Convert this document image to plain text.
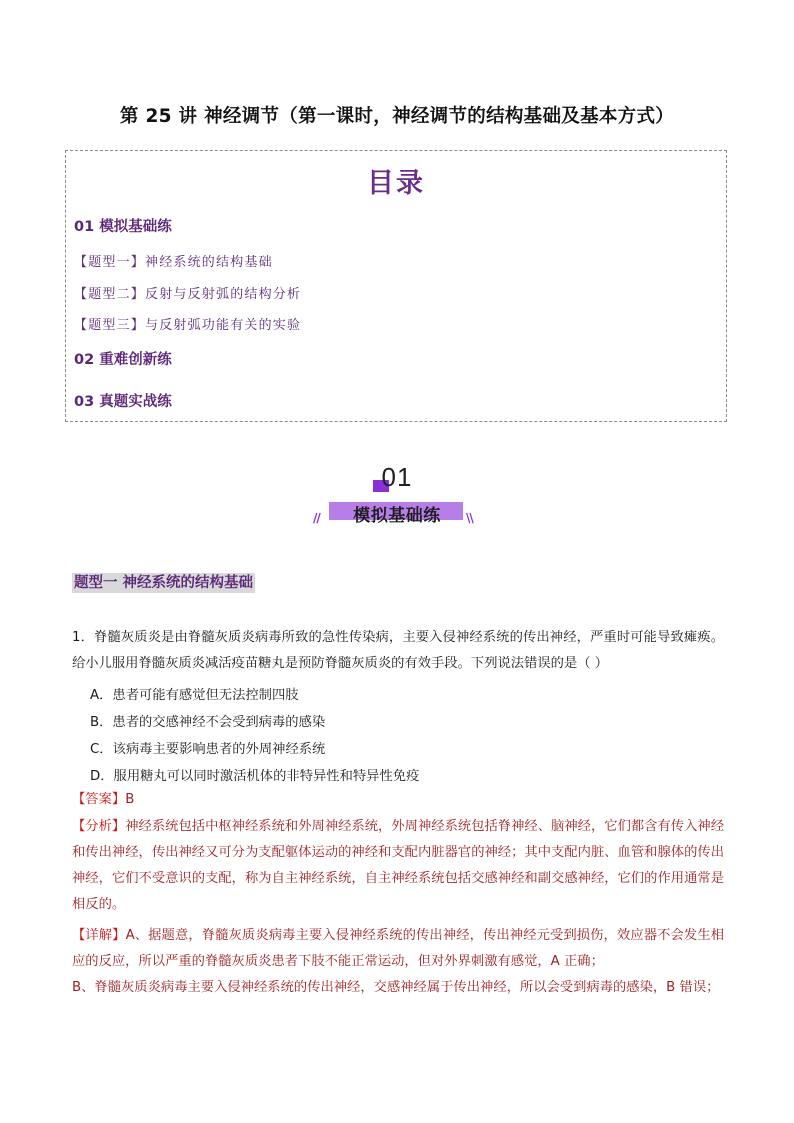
第 25 讲 神经调节（第一课时，神经调节的结构基础及基本方式）
目录
01 模拟基础练
【题型一】神经系统的结构基础
【题型二】反射与反射弧的结构分析
【题型三】与反射弧功能有关的实验
02 重难创新练
03 真题实战练
01
模拟基础练
//	\\
题型一 神经系统的结构基础
1．脊髓灰质炎是由脊髓灰质炎病毒所致的急性传染病，主要入侵神经系统的传出神经，严重时可能导致瘫痪。给小儿服用脊髓灰质炎减活疫苗糖丸是预防脊髓灰质炎的有效手段。下列说法错误的是（ ）
A．患者可能有感觉但无法控制四肢
B．患者的交感神经不会受到病毒的感染
C．该病毒主要影响患者的外周神经系统
D．服用糖丸可以同时激活机体的非特异性和特异性免疫
【答案】B
【分析】神经系统包括中枢神经系统和外周神经系统，外周神经系统包括脊神经、脑神经，它们都含有传入神经和传出神经，传出神经又可分为支配躯体运动的神经和支配内脏器官的神经；其中支配内脏、血管和腺体的传出神经，它们不受意识的支配，称为自主神经系统，自主神经系统包括交感神经和副交感神经，它们的作用通常是相反的。
【详解】A、据题意，脊髓灰质炎病毒主要入侵神经系统的传出神经，传出神经元受到损伤，效应器不会发生相应的反应，所以严重的脊髓灰质炎患者下肢不能正常运动，但对外界刺激有感觉，A 正确；
B、脊髓灰质炎病毒主要入侵神经系统的传出神经，交感神经属于传出神经，所以会受到病毒的感染，B 错误；
